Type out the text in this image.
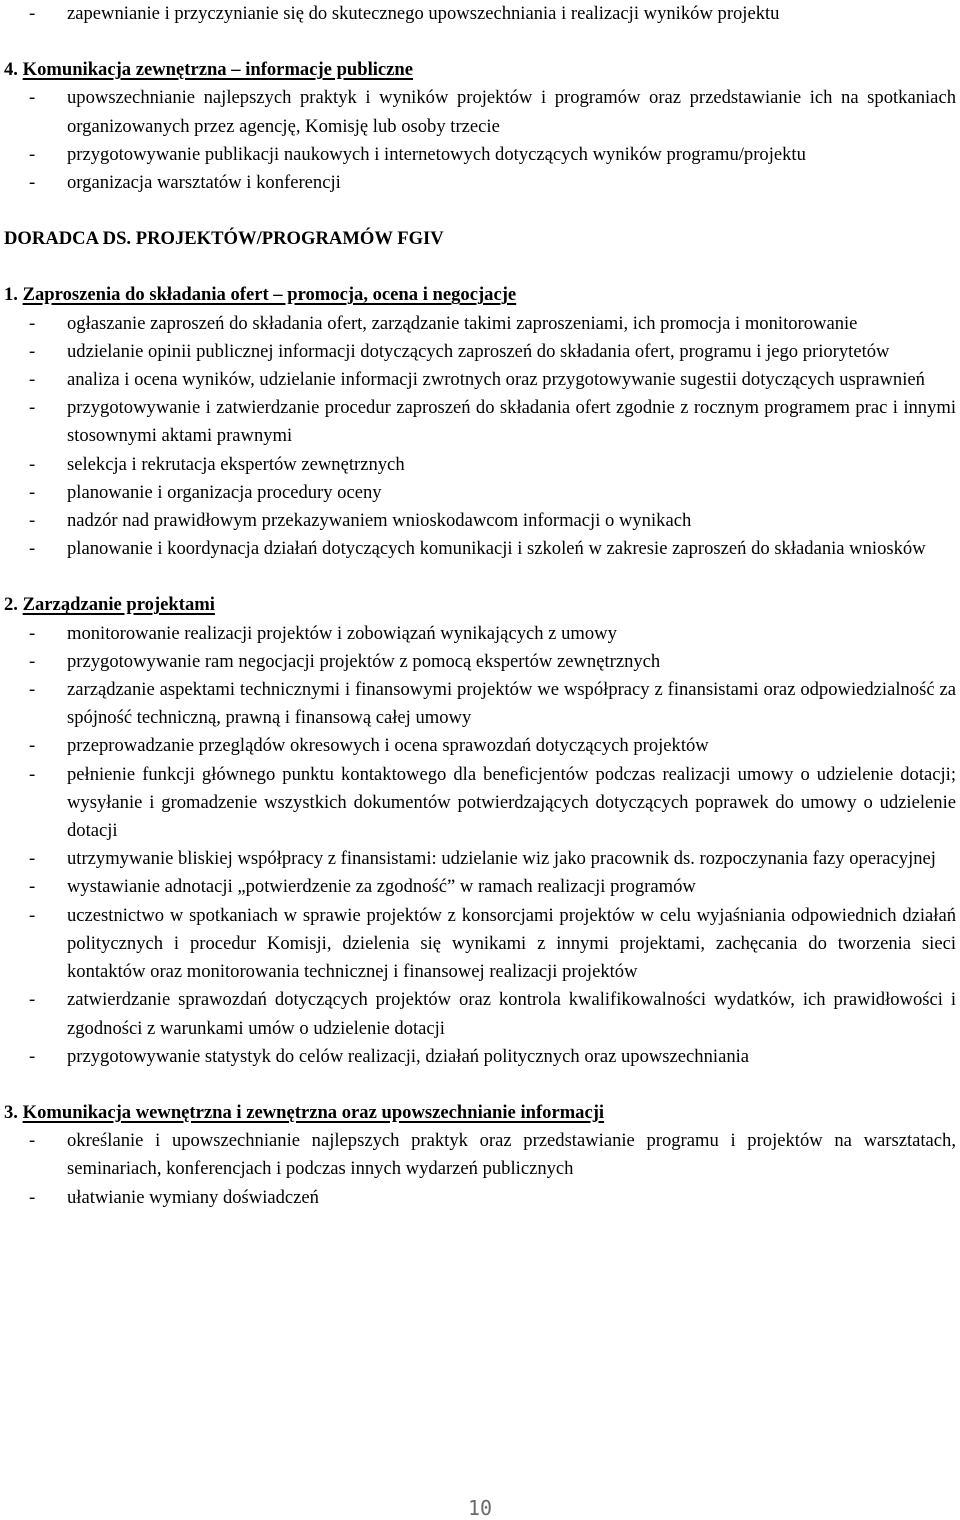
- zapewnianie i przyczynianie się do skutecznego upowszechniania i realizacji wyników projektu

4. Komunikacja zewnętrzna – informacje publiczne

- upowszechnianie najlepszych praktyk i wyników projektów i programów oraz przedstawianie ich na spotkaniach organizowanych przez agencję, Komisję lub osoby trzecie
- przygotowywanie publikacji naukowych i internetowych dotyczących wyników programu/projektu
- organizacja warsztatów i konferencji

DORADCA DS. PROJEKTÓW/PROGRAMÓW FGIV

1. Zaproszenia do składania ofert – promocja, ocena i negocjacje

- ogłaszanie zaproszeń do składania ofert, zarządzanie takimi zaproszeniami, ich promocja i monitorowanie
- udzielanie opinii publicznej informacji dotyczących zaproszeń do składania ofert, programu i jego priorytetów
- analiza i ocena wyników, udzielanie informacji zwrotnych oraz przygotowywanie sugestii dotyczących usprawnień
- przygotowywanie i zatwierdzanie procedur zaproszeń do składania ofert zgodnie z rocznym programem prac i innymi stosownymi aktami prawnymi
- selekcja i rekrutacja ekspertów zewnętrznych
- planowanie i organizacja procedury oceny
- nadzór nad prawidłowym przekazywaniem wnioskodawcom informacji o wynikach
- planowanie i koordynacja działań dotyczących komunikacji i szkoleń w zakresie zaproszeń do składania wniosków

2. Zarządzanie projektami

- monitorowanie realizacji projektów i zobowiązań wynikających z umowy
- przygotowywanie ram negocjacji projektów z pomocą ekspertów zewnętrznych
- zarządzanie aspektami technicznymi i finansowymi projektów we współpracy z finansistami oraz odpowiedzialność za spójność techniczną, prawną i finansową całej umowy
- przeprowadzanie przeglądów okresowych i ocena sprawozdań dotyczących projektów
- pełnienie funkcji głównego punktu kontaktowego dla beneficjentów podczas realizacji umowy o udzielenie dotacji; wysyłanie i gromadzenie wszystkich dokumentów potwierdzających dotyczących poprawek do umowy o udzielenie dotacji
- utrzymywanie bliskiej współpracy z finansistami: udzielanie wiz jako pracownik ds. rozpoczynania fazy operacyjnej
- wystawianie adnotacji „potwierdzenie za zgodność” w ramach realizacji programów
- uczestnictwo w spotkaniach w sprawie projektów z konsorcjami projektów w celu wyjaśniania odpowiednich działań politycznych i procedur Komisji, dzielenia się wynikami z innymi projektami, zachęcania do tworzenia sieci kontaktów oraz monitorowania technicznej i finansowej realizacji projektów
- zatwierdzanie sprawozdań dotyczących projektów oraz kontrola kwalifikowalności wydatków, ich prawidłowości i zgodności z warunkami umów o udzielenie dotacji
- przygotowywanie statystyk do celów realizacji, działań politycznych oraz upowszechniania

3. Komunikacja wewnętrzna i zewnętrzna oraz upowszechnianie informacji

- określanie i upowszechnianie najlepszych praktyk oraz przedstawianie programu i projektów na warsztatach, seminariach, konferencjach i podczas innych wydarzeń publicznych
- ułatwianie wymiany doświadczeń
10
